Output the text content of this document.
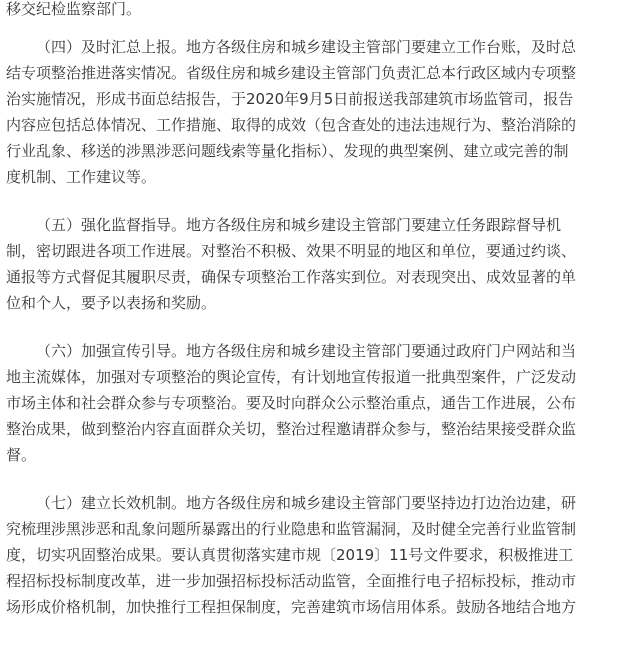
移交纪检监察部门。
（四）及时汇总上报。地方各级住房和城乡建设主管部门要建立工作台账，及时总
结专项整治推进落实情况。省级住房和城乡建设主管部门负责汇总本行政区域内专项整
治实施情况，形成书面总结报告，于2020年9月5日前报送我部建筑市场监管司，报告
内容应包括总体情况、工作措施、取得的成效（包含查处的违法违规行为、整治消除的
行业乱象、移送的涉黑涉恶问题线索等量化指标）、发现的典型案例、建立或完善的制
度机制、工作建议等。
（五）强化监督指导。地方各级住房和城乡建设主管部门要建立任务跟踪督导机
制，密切跟进各项工作进展。对整治不积极、效果不明显的地区和单位，要通过约谈、
通报等方式督促其履职尽责，确保专项整治工作落实到位。对表现突出、成效显著的单
位和个人，要予以表扬和奖励。
（六）加强宣传引导。地方各级住房和城乡建设主管部门要通过政府门户网站和当
地主流媒体，加强对专项整治的舆论宣传，有计划地宣传报道一批典型案件，广泛发动
市场主体和社会群众参与专项整治。要及时向群众公示整治重点，通告工作进展，公布
整治成果，做到整治内容直面群众关切，整治过程邀请群众参与，整治结果接受群众监
督。
（七）建立长效机制。地方各级住房和城乡建设主管部门要坚持边打边治边建，研
究梳理涉黑涉恶和乱象问题所暴露出的行业隐患和监管漏洞，及时健全完善行业监管制
度，切实巩固整治成果。要认真贯彻落实建市规〔2019〕11号文件要求，积极推进工
程招标投标制度改革，进一步加强招标投标活动监管，全面推行电子招标投标，推动市
场形成价格机制，加快推行工程担保制度，完善建筑市场信用体系。鼓励各地结合地方
